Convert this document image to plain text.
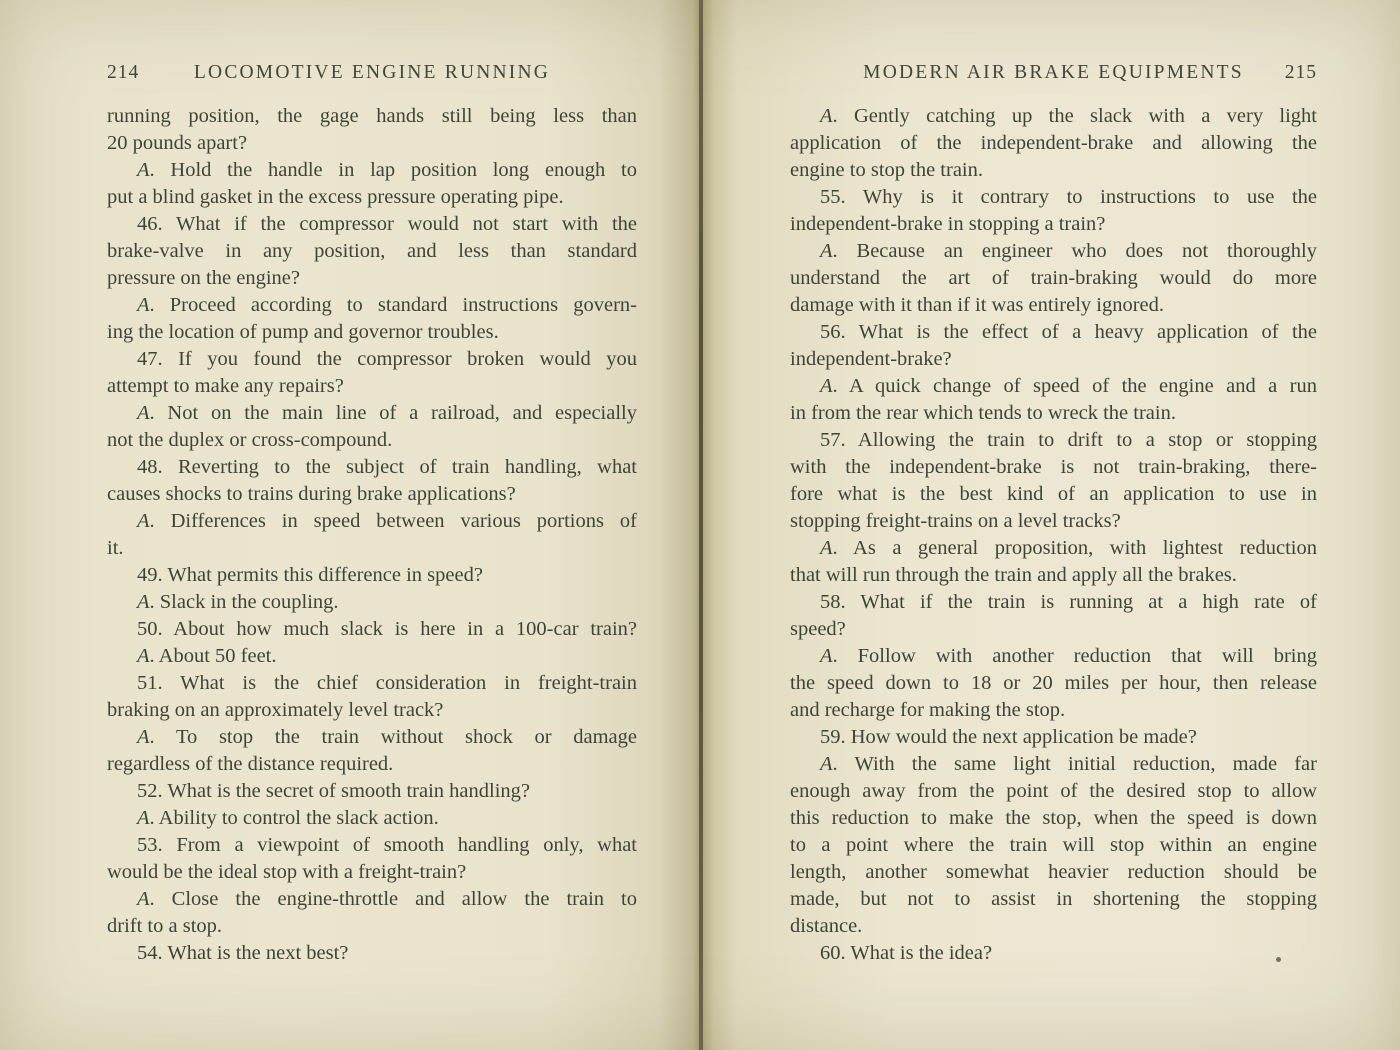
214	LOCOMOTIVE ENGINE RUNNING	MODERN AIR BRAKE EQUIPMENTS	215
running position, the gage hands still being less than
20 pounds apart?
A. Hold the handle in lap position long enough to
put a blind gasket in the excess pressure operating pipe.
46. What if the compressor would not start with the
brake-valve in any position, and less than standard
pressure on the engine?
A. Proceed according to standard instructions govern-
ing the location of pump and governor troubles.
47. If you found the compressor broken would you
attempt to make any repairs?
A. Not on the main line of a railroad, and especially
not the duplex or cross-compound.
48. Reverting to the subject of train handling, what
causes shocks to trains during brake applications?
A. Differences in speed between various portions of
it.
49. What permits this difference in speed?
A. Slack in the coupling.
50. About how much slack is here in a 100-car train?
A. About 50 feet.
51. What is the chief consideration in freight-train
braking on an approximately level track?
A. To stop the train without shock or damage
regardless of the distance required.
52. What is the secret of smooth train handling?
A. Ability to control the slack action.
53. From a viewpoint of smooth handling only, what
would be the ideal stop with a freight-train?
A. Close the engine-throttle and allow the train to
drift to a stop.
54. What is the next best?
A. Gently catching up the slack with a very light
application of the independent-brake and allowing the
engine to stop the train.
55. Why is it contrary to instructions to use the
independent-brake in stopping a train?
A. Because an engineer who does not thoroughly
understand the art of train-braking would do more
damage with it than if it was entirely ignored.
56. What is the effect of a heavy application of the
independent-brake?
A. A quick change of speed of the engine and a run
in from the rear which tends to wreck the train.
57. Allowing the train to drift to a stop or stopping
with the independent-brake is not train-braking, there-
fore what is the best kind of an application to use in
stopping freight-trains on a level tracks?
A. As a general proposition, with lightest reduction
that will run through the train and apply all the brakes.
58. What if the train is running at a high rate of
speed?
A. Follow with another reduction that will bring
the speed down to 18 or 20 miles per hour, then release
and recharge for making the stop.
59. How would the next application be made?
A. With the same light initial reduction, made far
enough away from the point of the desired stop to allow
this reduction to make the stop, when the speed is down
to a point where the train will stop within an engine
length, another somewhat heavier reduction should be
made, but not to assist in shortening the stopping
distance.
60. What is the idea?
